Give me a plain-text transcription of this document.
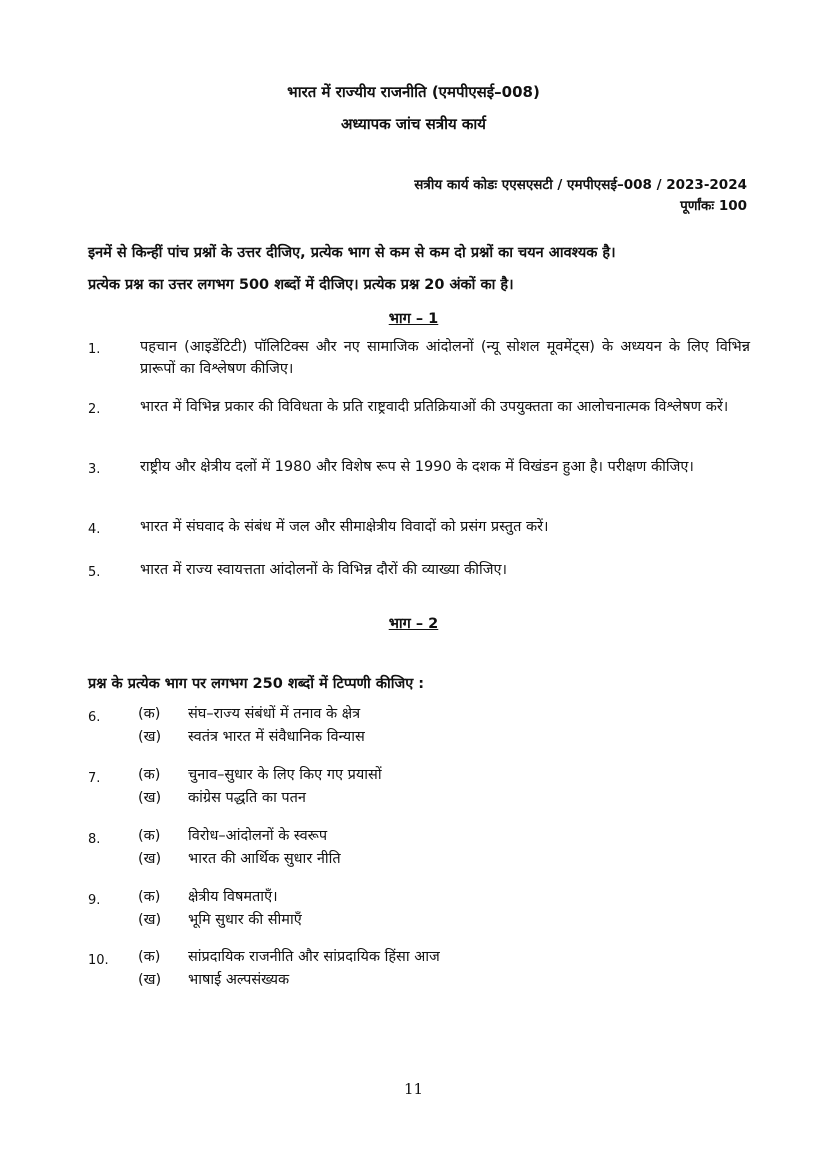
भारत में राज्यीय राजनीति (एमपीएसई–008)
अध्यापक जांच सत्रीय कार्य
सत्रीय कार्य कोडः एएसएसटी / एमपीएसई–008 / 2023-2024
पूर्णांकः 100
इनमें से किन्हीं पांच प्रश्नों के उत्तर दीजिए, प्रत्येक भाग से कम से कम दो प्रश्नों का चयन आवश्यक है।
प्रत्येक प्रश्न का उत्तर लगभग 500 शब्दों में दीजिए। प्रत्येक प्रश्न 20 अंकों का है।
भाग – 1
1.	पहचान (आइडेंटिटी) पॉलिटिक्स और नए सामाजिक आंदोलनों (न्यू सोशल मूवमेंट्स) के अध्ययन के लिए विभिन्न प्रारूपों का विश्लेषण कीजिए।
2.	भारत में विभिन्न प्रकार की विविधता के प्रति राष्ट्रवादी प्रतिक्रियाओं की उपयुक्तता का आलोचनात्मक विश्लेषण करें।
3.	राष्ट्रीय और क्षेत्रीय दलों में 1980 और विशेष रूप से 1990 के दशक में विखंडन हुआ है। परीक्षण कीजिए।
4.	भारत में संघवाद के संबंध में जल और सीमाक्षेत्रीय विवादों को प्रसंग प्रस्तुत करें।
5.	भारत में राज्य स्वायत्तता आंदोलनों के विभिन्न दौरों की व्याख्या कीजिए।
भाग – 2
प्रश्न के प्रत्येक भाग पर लगभग 250 शब्दों में टिप्पणी कीजिए :
6.	(क) संघ–राज्य संबंधों में तनाव के क्षेत्र
(ख) स्वतंत्र भारत में संवैधानिक विन्यास
7.	(क) चुनाव–सुधार के लिए किए गए प्रयासों
(ख) कांग्रेस पद्धति का पतन
8.	(क) विरोध–आंदोलनों के स्वरूप
(ख) भारत की आर्थिक सुधार नीति
9.	(क) क्षेत्रीय विषमताएँ।
(ख) भूमि सुधार की सीमाएँ
10. (क) सांप्रदायिक राजनीति और सांप्रदायिक हिंसा आज
(ख) भाषाई अल्पसंख्यक
11
